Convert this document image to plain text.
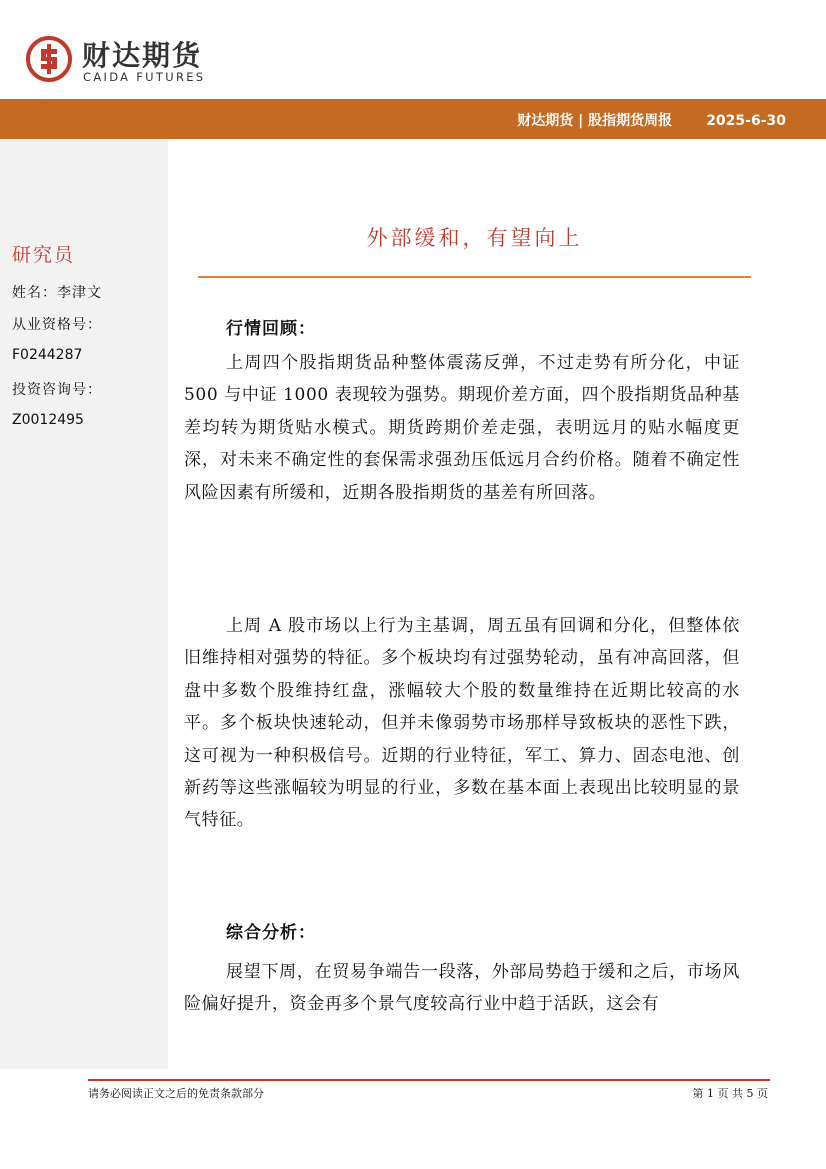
财达期货
CAIDA FUTURES
财达期货 | 股指期货周报 2025-6-30
研究员
姓名：李津文
从业资格号：
F0244287
投资咨询号：
Z0012495
外部缓和，有望向上
行情回顾：
上周四个股指期货品种整体震荡反弹，不过走势有所分化，中证 500 与中证 1000 表现较为强势。期现价差方面，四个股指期货品种基差均转为期货贴水模式。期货跨期价差走强，表明远月的贴水幅度更深，对未来不确定性的套保需求强劲压低远月合约价格。随着不确定性风险因素有所缓和，近期各股指期货的基差有所回落。
上周 A 股市场以上行为主基调，周五虽有回调和分化，但整体依旧维持相对强势的特征。多个板块均有过强势轮动，虽有冲高回落，但盘中多数个股维持红盘，涨幅较大个股的数量维持在近期比较高的水平。多个板块快速轮动，但并未像弱势市场那样导致板块的恶性下跌，这可视为一种积极信号。近期的行业特征，军工、算力、固态电池、创新药等这些涨幅较为明显的行业，多数在基本面上表现出比较明显的景气特征。
综合分析：
展望下周，在贸易争端告一段落，外部局势趋于缓和之后，市场风险偏好提升，资金再多个景气度较高行业中趋于活跃，这会有
请务必阅读正文之后的免责条款部分	第 1 页 共 5 页
